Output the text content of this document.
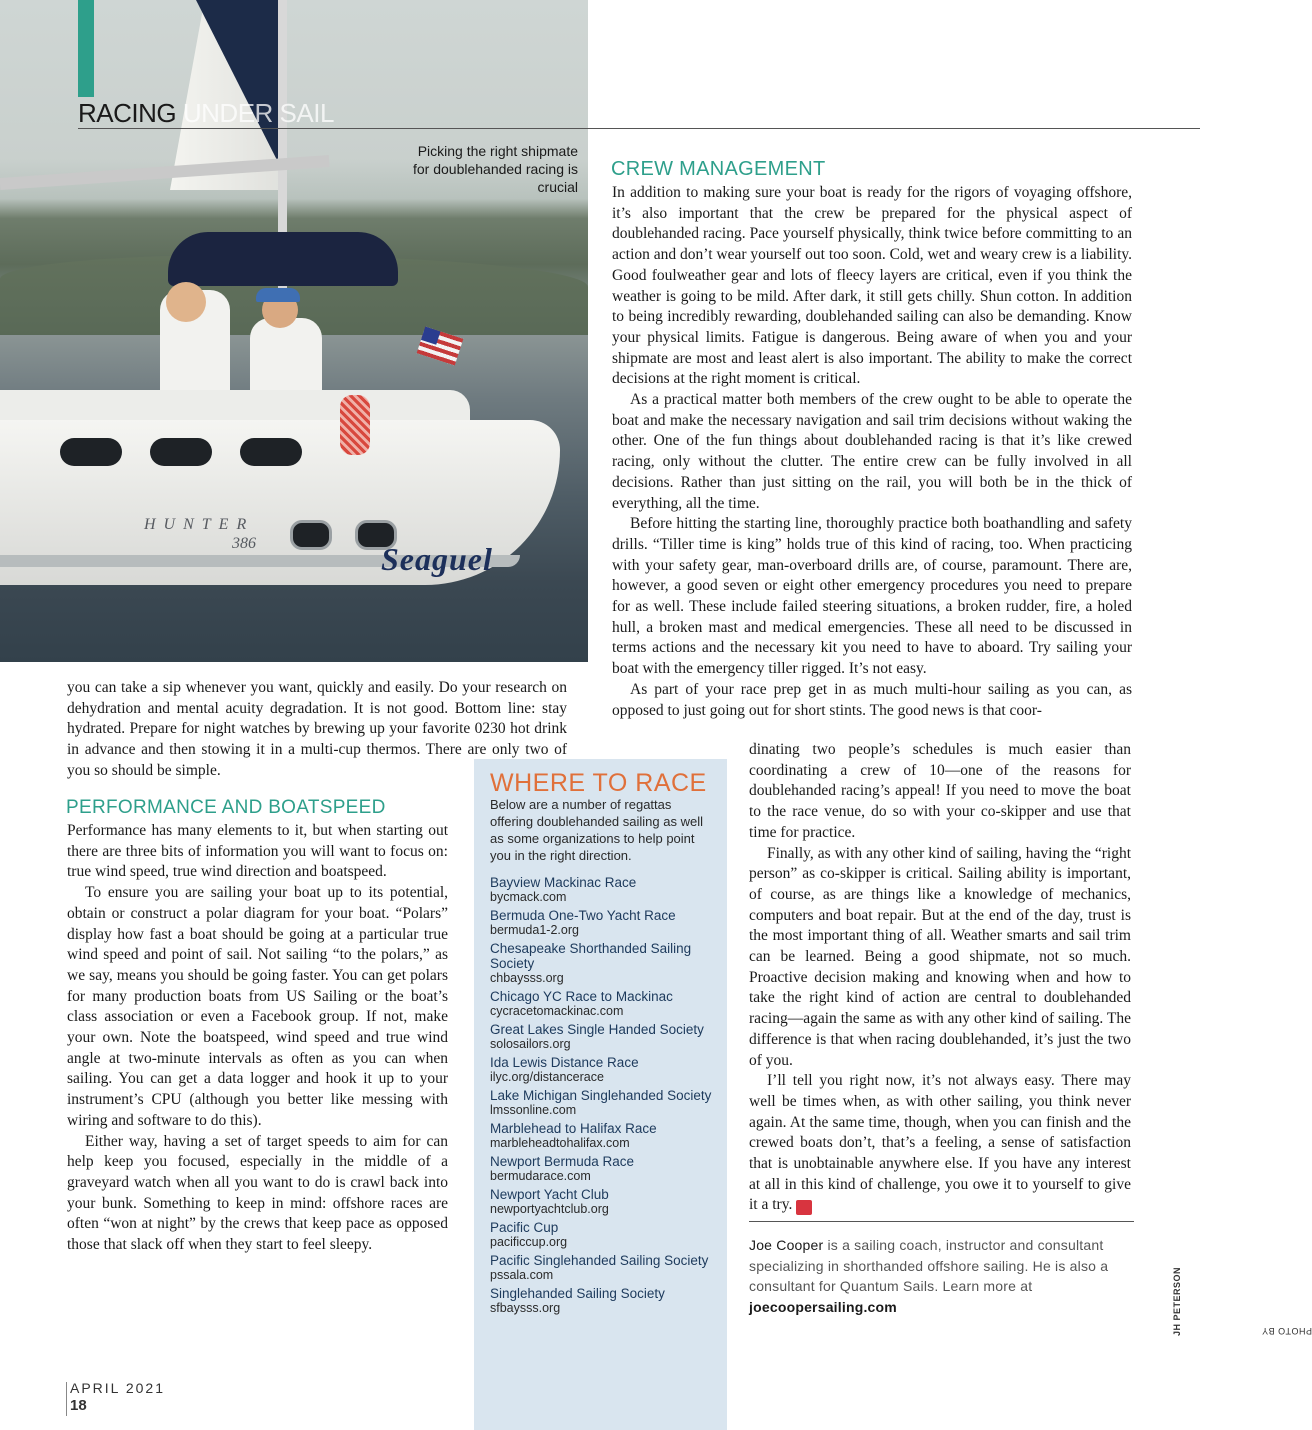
HUNTER
386	Seaguel
RACING UNDER SAIL
Picking the right shipmate for doublehanded racing is crucial
CREW MANAGEMENT

In addition to making sure your boat is ready for the rigors of voyaging offshore, it’s also important that the crew be prepared for the physical aspect of doublehanded racing. Pace yourself physically, think twice before committing to an action and don’t wear yourself out too soon. Cold, wet and weary crew is a liability. Good foulweather gear and lots of fleecy layers are critical, even if you think the weather is going to be mild. After dark, it still gets chilly. Shun cotton. In addition to being incredibly rewarding, doublehanded sailing can also be demanding. Know your physical limits. Fatigue is dangerous. Being aware of when you and your shipmate are most and least alert is also important. The ability to make the correct decisions at the right moment is critical.

As a practical matter both members of the crew ought to be able to operate the boat and make the necessary navigation and sail trim decisions without waking the other. One of the fun things about doublehanded racing is that it’s like crewed racing, only without the clutter. The entire crew can be fully involved in all decisions. Rather than just sitting on the rail, you will both be in the thick of everything, all the time.

Before hitting the starting line, thoroughly practice both boathandling and safety drills. “Tiller time is king” holds true of this kind of racing, too. When practicing with your safety gear, man-overboard drills are, of course, paramount. There are, however, a good seven or eight other emergency procedures you need to prepare for as well. These include failed steering situations, a broken rudder, fire, a holed hull, a broken mast and medical emergencies. These all need to be discussed in terms actions and the necessary kit you need to have to aboard. Try sailing your boat with the emergency tiller rigged. It’s not easy.

As part of your race prep get in as much multi-hour sailing as you can, as opposed to just going out for short stints. The good news is that coor-

dinating two people’s schedules is much easier than coordinating a crew of 10—one of the reasons for doublehanded racing’s appeal! If you need to move the boat to the race venue, do so with your co-skipper and use that time for practice.

Finally, as with any other kind of sailing, having the “right person” as co-skipper is critical. Sailing ability is important, of course, as are things like a knowledge of mechanics, computers and boat repair. But at the end of the day, trust is the most important thing of all. Weather smarts and sail trim can be learned. Being a good shipmate, not so much. Proactive decision making and knowing when and how to take the right kind of action are central to doublehanded racing—again the same as with any other kind of sailing. The difference is that when racing doublehanded, it’s just the two of you.

I’ll tell you right now, it’s not always easy. There may well be times when, as with other sailing, you think never again. At the same time, though, when you can finish and the crewed boats don’t, that’s a feeling, a sense of satisfaction that is unobtainable anywhere else. If you have any interest at all in this kind of challenge, you owe it to yourself to give it a try. S

you can take a sip whenever you want, quickly and easily. Do your research on dehydration and mental acuity degradation. It is not good. Bottom line: stay hydrated. Prepare for night watches by brewing up your favorite 0230 hot drink in advance and then stowing it in a multi-cup thermos. There are only two of you so should be simple.

PERFORMANCE AND BOATSPEED

Performance has many elements to it, but when starting out there are three bits of information you will want to focus on: true wind speed, true wind direction and boatspeed.

To ensure you are sailing your boat up to its potential, obtain or construct a polar diagram for your boat. “Polars” display how fast a boat should be going at a particular true wind speed and point of sail. Not sailing “to the polars,” as we say, means you should be going faster. You can get polars for many production boats from US Sailing or the boat’s class association or even a Facebook group. If not, make your own. Note the boatspeed, wind speed and true wind angle at two-minute intervals as often as you can when sailing. You can get a data logger and hook it up to your instrument’s CPU (although you better like messing with wiring and software to do this).

Either way, having a set of target speeds to aim for can help keep you focused, especially in the middle of a graveyard watch when all you want to do is crawl back into your bunk. Something to keep in mind: offshore races are often “won at night” by the crews that keep pace as opposed those that slack off when they start to feel sleepy.

WHERE TO RACE
Below are a number of regattas offering doublehanded sailing as well as some organizations to help point you in the right direction.
Bayview Mackinac Race
bycmack.com
Bermuda One-Two Yacht Race
bermuda1-2.org
Chesapeake Shorthanded Sailing Society
chbaysss.org
Chicago YC Race to Mackinac
cycracetomackinac.com
Great Lakes Single Handed Society
solosailors.org
Ida Lewis Distance Race
ilyc.org/distancerace
Lake Michigan Singlehanded Society
lmssonline.com
Marblehead to Halifax Race
marbleheadtohalifax.com
Newport Bermuda Race
bermudarace.com
Newport Yacht Club
newportyachtclub.org
Pacific Cup
pacificcup.org
Pacific Singlehanded Sailing Society
pssala.com
Singlehanded Sailing Society
sfbaysss.org
Joe Cooper is a sailing coach, instructor and consultant specializing in shorthanded offshore sailing. He is also a consultant for Quantum Sails. Learn more at joecoopersailing.com
PHOTO BY
JH PETERSON
APRIL 2021
18
